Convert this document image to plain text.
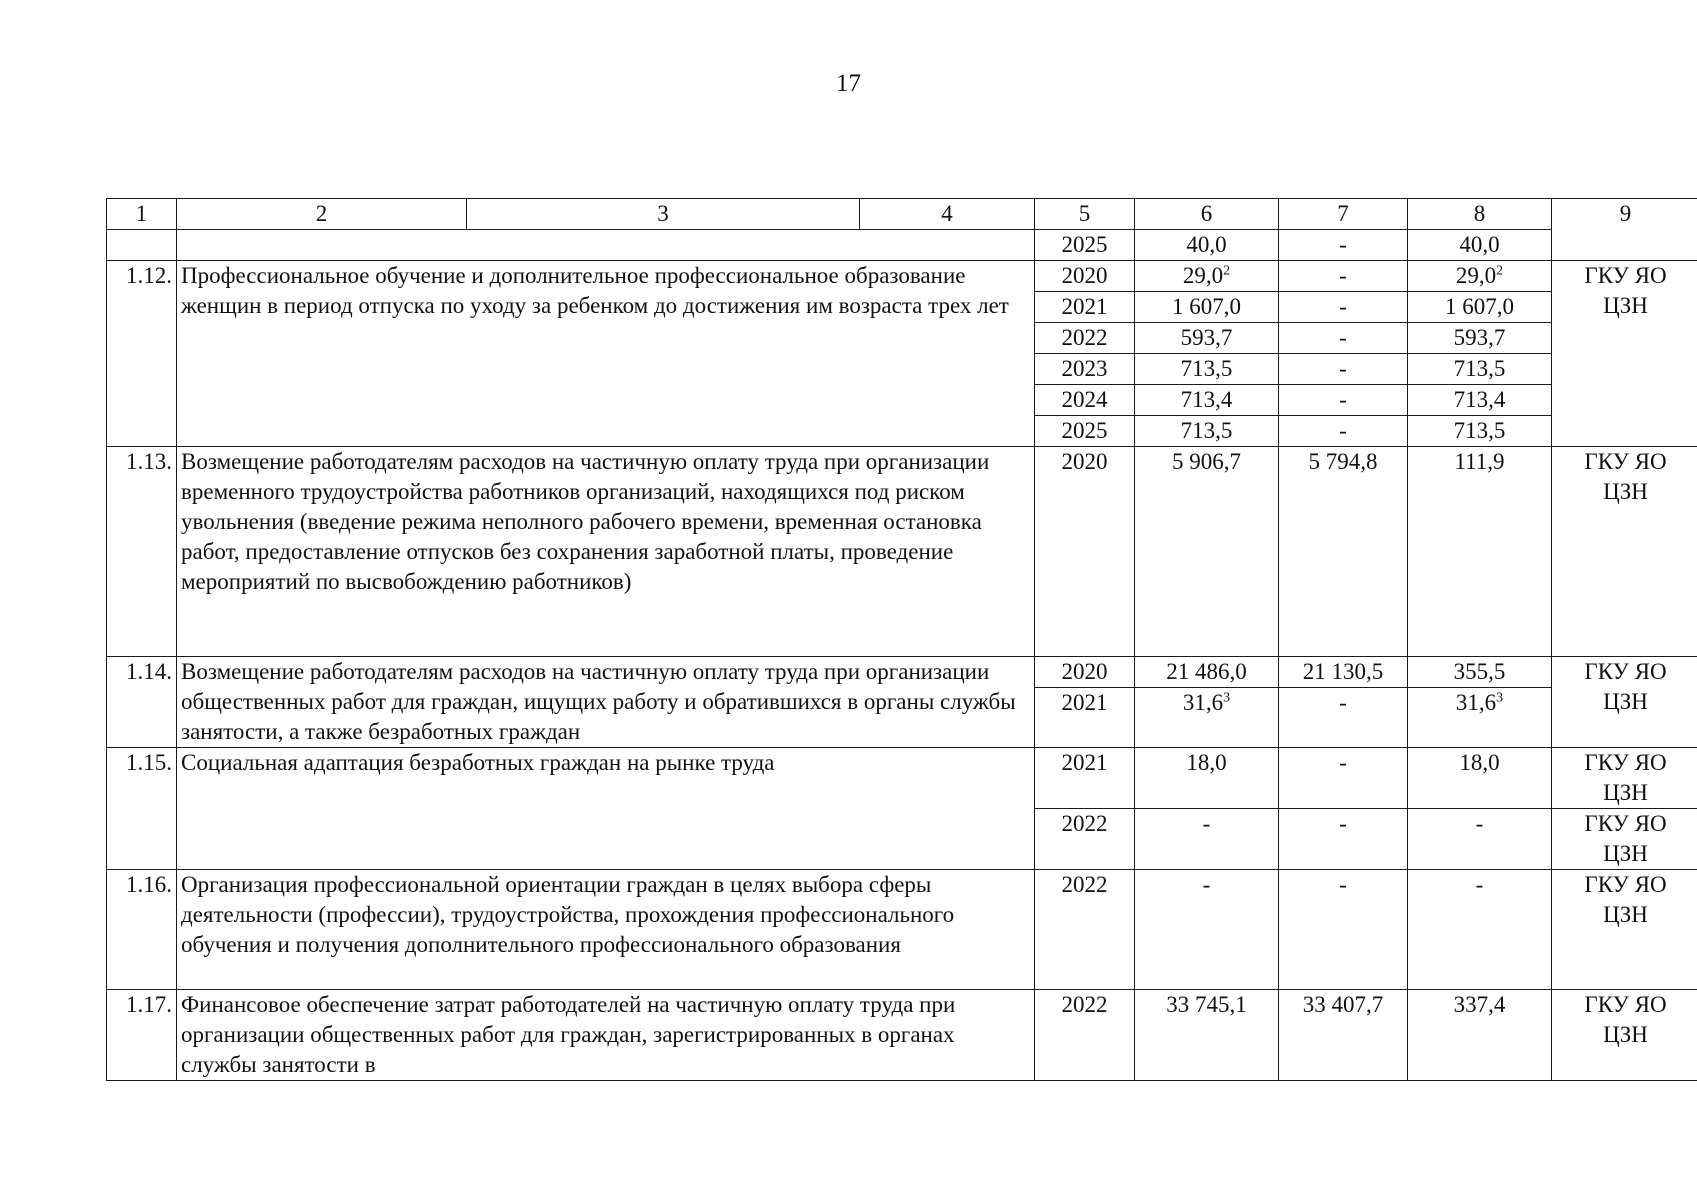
17
1	2	3	4	5	6	7	8	9
				2025	40,0	-	40,0	
1.12.	Профессиональное обучение и дополнительное профессиональное образование женщин в период отпуска по уходу за ребенком до достижения им возраста трех лет			2020	29,0$^2$	-	29,0$^2$	ГКУ ЯО ЦЗН
				2021	1 607,0	-	1 607,0	
				2022	593,7	-	593,7	
				2023	713,5	-	713,5	
				2024	713,4	-	713,4	
				2025	713,5	-	713,5	
1.13.	Возмещение работодателям расходов на частичную оплату труда при организации временного трудоустройства работников организаций, находящихся под риском увольнения (введение режима неполного рабочего времени, временная остановка работ, предоставление отпусков без сохранения заработной платы, проведение мероприятий по высвобождению работников)			2020	5 906,7	5 794,8	111,9	ГКУ ЯО ЦЗН
1.14.	Возмещение работодателям расходов на частичную оплату труда при организации общественных работ для граждан, ищущих работу и обратившихся в органы службы занятости, а также безработных граждан			2020	21 486,0	21 130,5	355,5	ГКУ ЯО ЦЗН
				2021	31,6$^3$	-	31,6$^3$
1.15.	Социальная адаптация безработных граждан на рынке труда			2021	18,0	-	18,0	ГКУ ЯО ЦЗН
				2022	-	-	-	ГКУ ЯО ЦЗН
1.16.	Организация профессиональной ориентации граждан в целях выбора сферы деятельности (профессии), трудоустройства, прохождения профессионального обучения и получения дополнительного профессионального образования			2022	-	-	-	ГКУ ЯО ЦЗН
1.17.	Финансовое обеспечение затрат работодателей на частичную оплату труда при организации общественных работ для граждан, зарегистрированных в органах службы занятости в			2022	33 745,1	33 407,7	337,4	ГКУ ЯО ЦЗН
